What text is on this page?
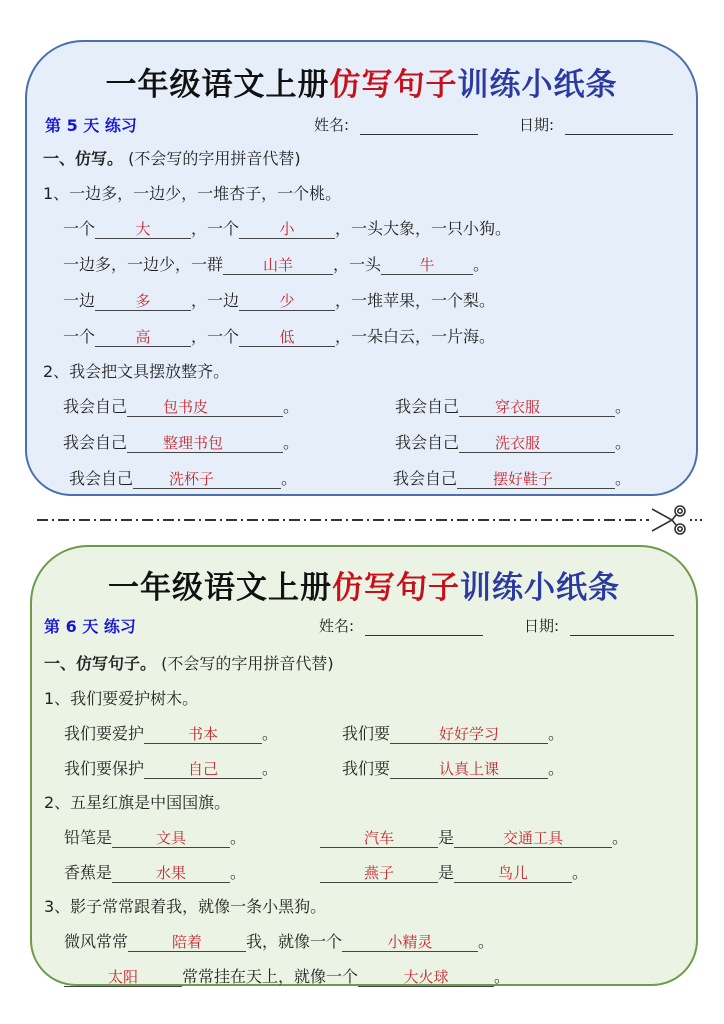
一年级语文上册仿写句子训练小纸条
第 5 天 练习	姓名:	日期:
一、仿写。 (不会写的字用拼音代替)
1、一边多，一边少，一堆杏子，一个桃。
一个	大	，一个	小	，一头大象，一只小狗。
一边多，一边少，一群	山羊	，一头	牛 。
一边	多	，一边	少	，一堆苹果，一个梨。
一个	高	，一个	低	，一朵白云，一片海。
2、我会把文具摆放整齐。
我会自己 包书皮	。	我会自己 穿衣服	。
我会自己 整理书包	。	我会自己 洗衣服	。
我会自己 洗杯子	。	我会自己 摆好鞋子	。
一年级语文上册仿写句子训练小纸条
第 6 天 练习	姓名:	日期:
一、仿写句子。 (不会写的字用拼音代替)
1、我们要爱护树木。
我们要爱护	书本	。	我们要	好好学习	。
我们要保护	自己	。	我们要	认真上课	。
2、五星红旗是中国国旗。
铅笔是	文具	。	汽车	是	交通工具	。
香蕉是	水果	。	燕子	是	鸟儿	。
3、影子常常跟着我，就像一条小黑狗。
微风常常	陪着	我，就像一个	小精灵	。
太阳	常常挂在天上，就像一个	大火球	。
